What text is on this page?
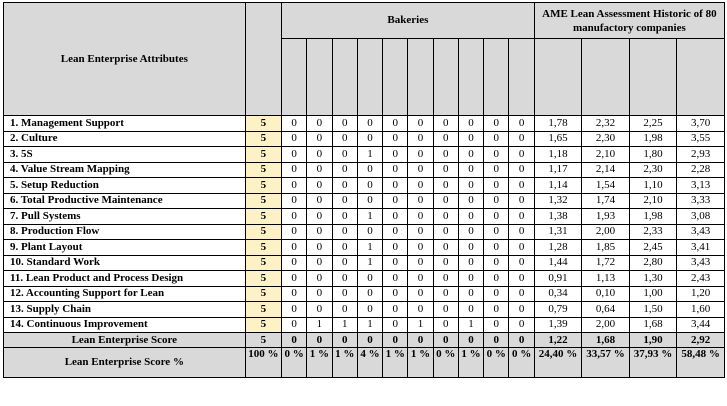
Lean Enterprise Attributes		Bakeries										AME Lean Assessment Historic of 80 manufactory companies			

1. Management Support	5	0	0	0	0	0	0	0	0	0	0	1,78	2,32	2,25	3,70
2. Culture	5	0	0	0	0	0	0	0	0	0	0	1,65	2,30	1,98	3,55
3. 5S	5	0	0	0	1	0	0	0	0	0	0	1,18	2,10	1,80	2,93
4. Value Stream Mapping	5	0	0	0	0	0	0	0	0	0	0	1,17	2,14	2,30	2,28
5. Setup Reduction	5	0	0	0	0	0	0	0	0	0	0	1,14	1,54	1,10	3,13
6. Total Productive Maintenance	5	0	0	0	0	0	0	0	0	0	0	1,32	1,74	2,10	3,33
7. Pull Systems	5	0	0	0	1	0	0	0	0	0	0	1,38	1,93	1,98	3,08
8. Production Flow	5	0	0	0	0	0	0	0	0	0	0	1,31	2,00	2,33	3,43
9. Plant Layout	5	0	0	0	1	0	0	0	0	0	0	1,28	1,85	2,45	3,41
10. Standard Work	5	0	0	0	1	0	0	0	0	0	0	1,44	1,72	2,80	3,43
11. Lean Product and Process Design	5	0	0	0	0	0	0	0	0	0	0	0,91	1,13	1,30	2,43
12. Accounting Support for Lean	5	0	0	0	0	0	0	0	0	0	0	0,34	0,10	1,00	1,20
13. Supply Chain	5	0	0	0	0	0	0	0	0	0	0	0,79	0,64	1,50	1,60
14. Continuous Improvement	5	0	1	1	1	0	1	0	1	0	0	1,39	2,00	1,68	3,44
Lean Enterprise Score	5	0	0	0	0	0	0	0	0	0	0	1,22	1,68	1,90	2,92
Lean Enterprise Score %	100 %	0 %	1 %	1 %	4 %	1 %	1 %	0 %	1 %	0 %	0 %	24,40 %	33,57 %	37,93 %	58,48 %
